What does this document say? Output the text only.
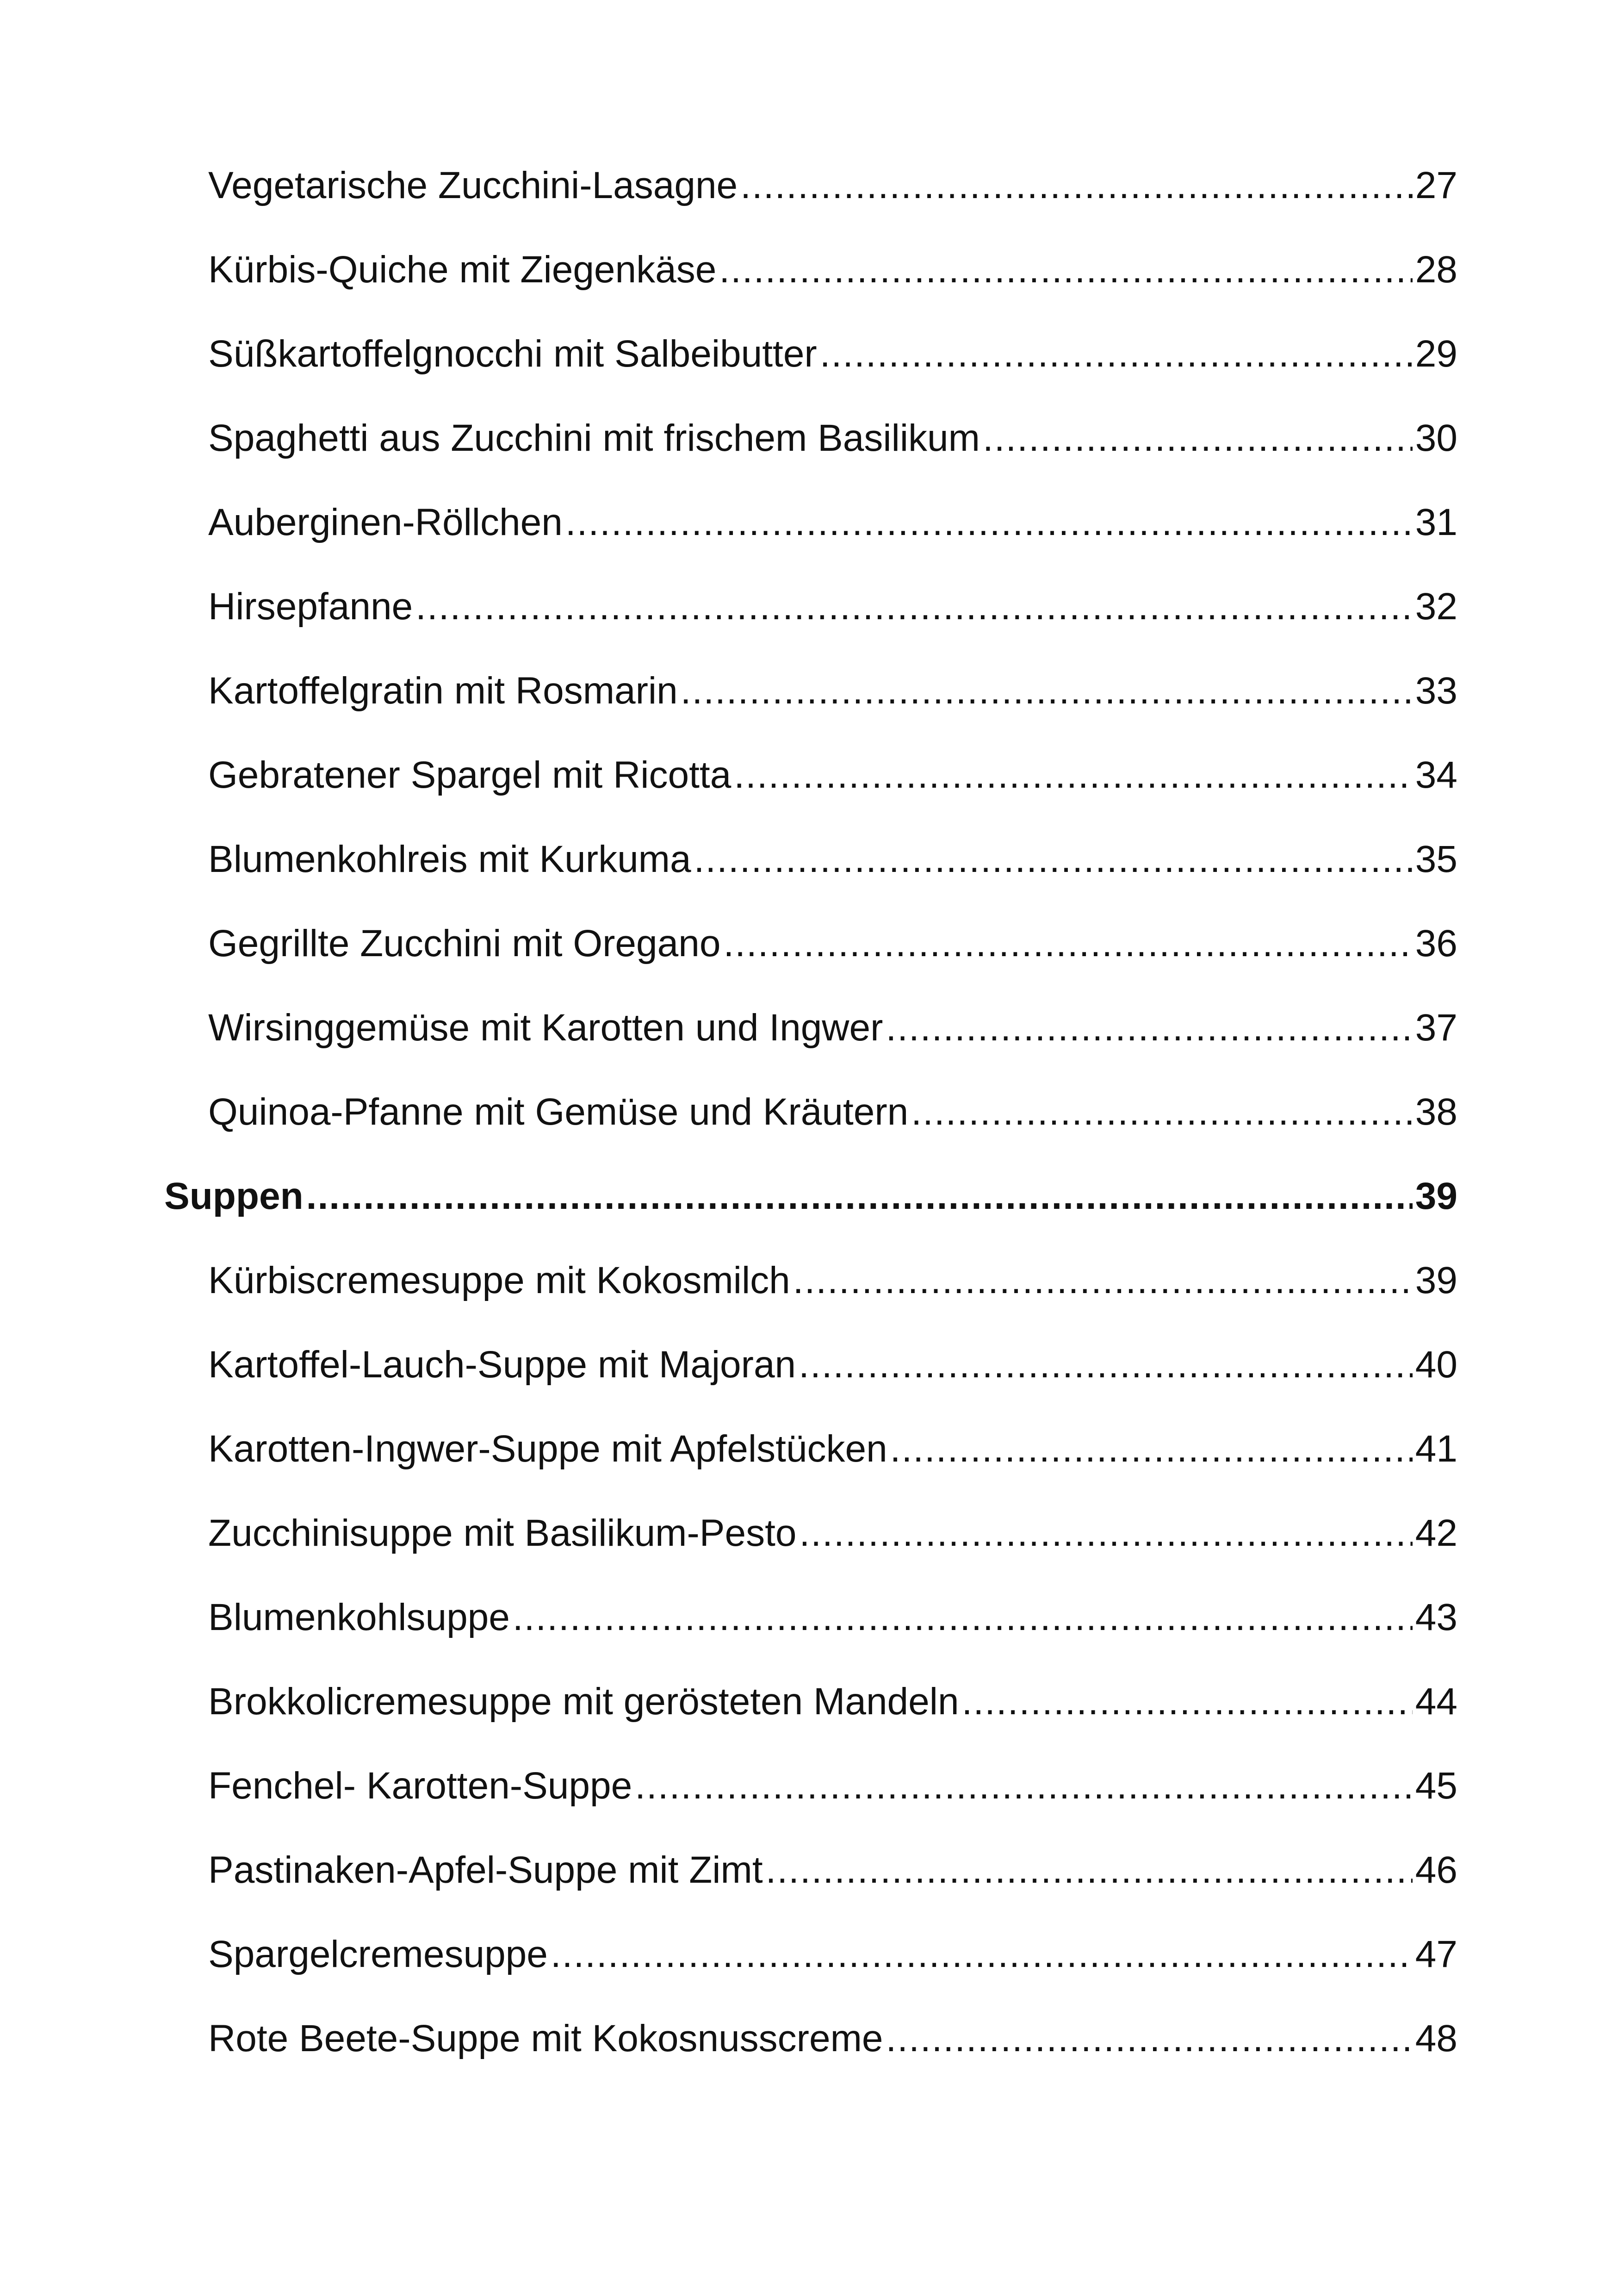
Vegetarische Zucchini-Lasagne .....	27
Kürbis-Quiche mit Ziegenkäse .....	28
Süßkartoffelgnocchi mit Salbeibutter .....	29
Spaghetti aus Zucchini mit frischem Basilikum .....	30
Auberginen-Röllchen .....	31
Hirsepfanne .....	32
Kartoffelgratin mit Rosmarin .....	33
Gebratener Spargel mit Ricotta .....	34
Blumenkohlreis mit Kurkuma .....	35
Gegrillte Zucchini mit Oregano .....	36
Wirsinggemüse mit Karotten und Ingwer .....	37
Quinoa-Pfanne mit Gemüse und Kräutern .....	38
Suppen .....	39
Kürbiscremesuppe mit Kokosmilch .....	39
Kartoffel-Lauch-Suppe mit Majoran .....	40
Karotten-Ingwer-Suppe mit Apfelstücken .....	41
Zucchinisuppe mit Basilikum-Pesto .....	42
Blumenkohlsuppe .....	43
Brokkolicremesuppe mit gerösteten Mandeln .....	44
Fenchel- Karotten-Suppe .....	45
Pastinaken-Apfel-Suppe mit Zimt .....	46
Spargelcremesuppe .....	47
Rote Beete-Suppe mit Kokosnusscreme .....	48
